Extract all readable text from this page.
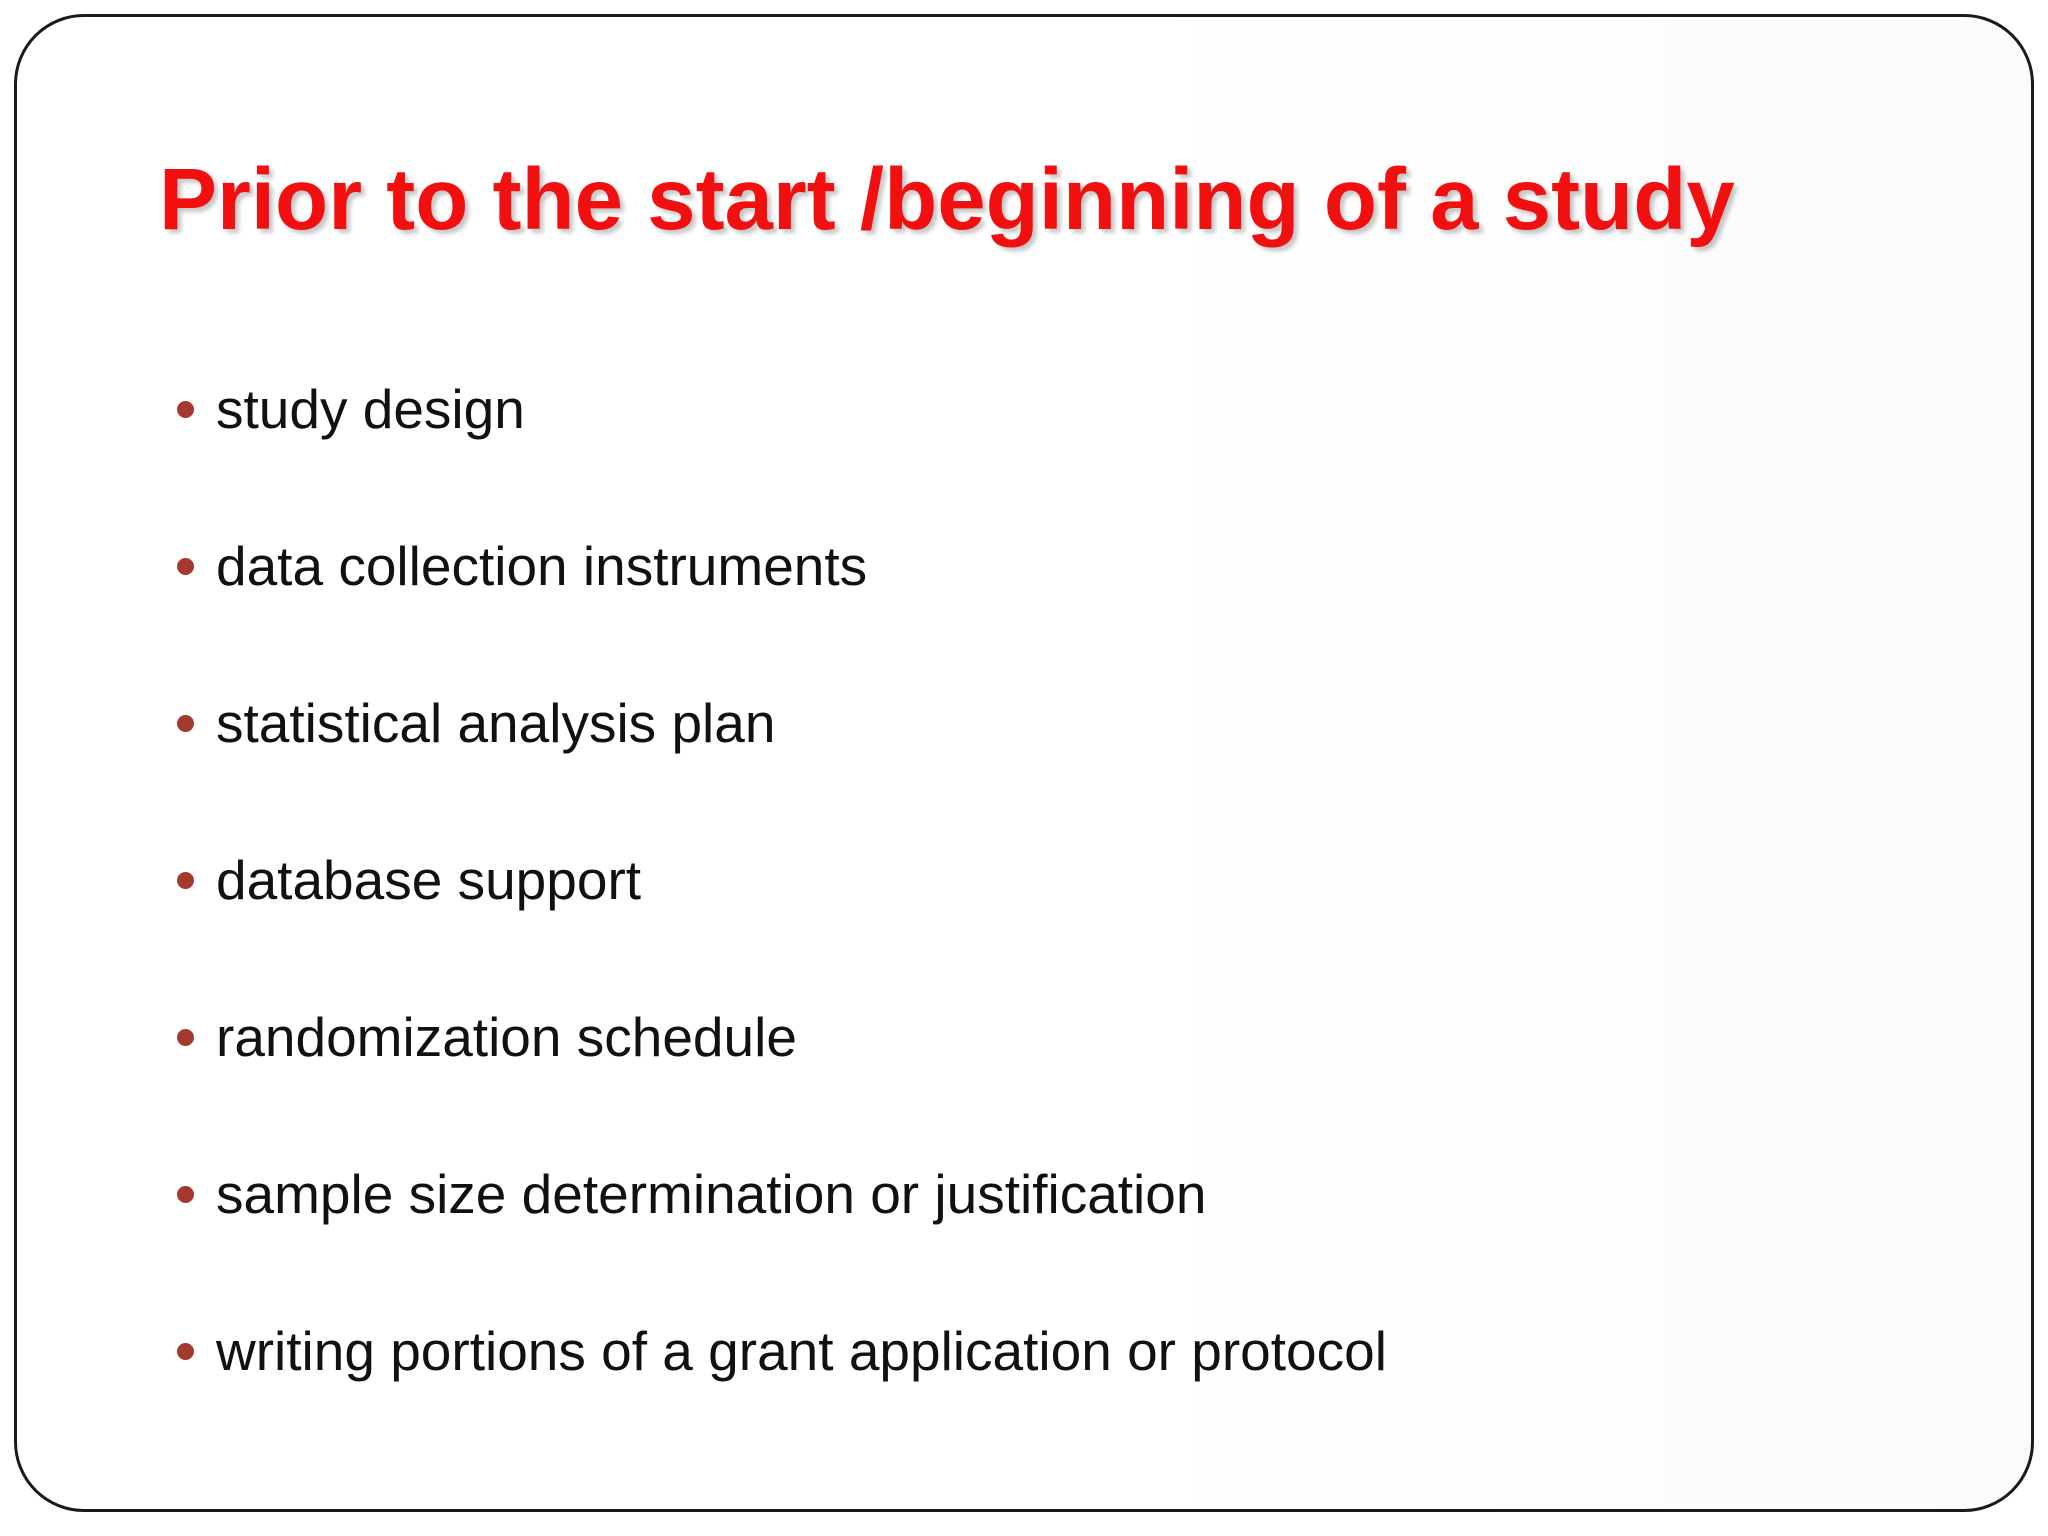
Prior to the start /beginning of a study
study design
data collection instruments
statistical analysis plan
database support
randomization schedule
sample size determination or justification
writing portions of a grant application or protocol
